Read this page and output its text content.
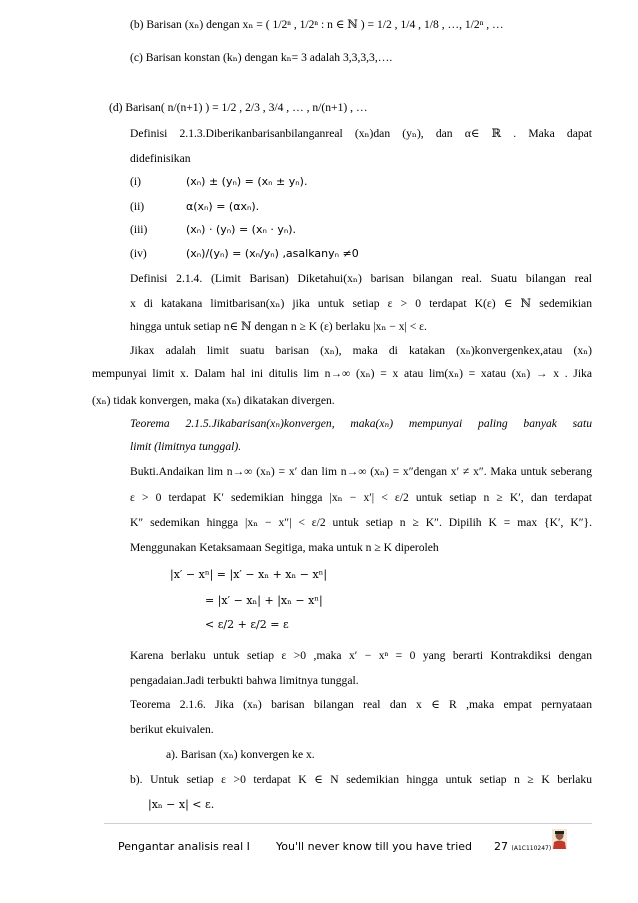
(b) Barisan (xₙ) dengan xₙ = ( 1/2ⁿ , 1/2ⁿ : n ∈ ℕ ) = 1/2 , 1/4 , 1/8 , …, 1/2ⁿ , …
(c) Barisan konstan (kₙ) dengan kₙ= 3 adalah 3,3,3,3,….
(d) Barisan( n/(n+1) ) = 1/2 , 2/3 , 3/4 , … , n/(n+1) , …
Definisi 2.1.3.Diberikanbarisanbilanganreal (xₙ)dan (yₙ), dan α∈ ℝ . Maka dapat
didefinisikan
(i)	(xₙ) ± (yₙ) = (xₙ ± yₙ).
(ii)	α(xₙ) = (αxₙ).
(iii)	(xₙ) · (yₙ) = (xₙ · yₙ).
(iv)	(xₙ)/(yₙ) = (xₙ/yₙ) ,asalkanyₙ ≠0
Definisi 2.1.4. (Limit Barisan) Diketahui(xₙ) barisan bilangan real. Suatu bilangan real
x di katakana limitbarisan(xₙ) jika untuk setiap ε > 0 terdapat K(ε) ∈ ℕ sedemikian
hingga untuk setiap n∈ ℕ dengan n ≥ K (ε) berlaku |xₙ − x| < ε.
Jikax adalah limit suatu barisan (xₙ), maka di katakan (xₙ)konvergenkex,atau (xₙ)
mempunyai limit x. Dalam hal ini ditulis lim n→∞ (xₙ) = x atau lim(xₙ) = xatau (xₙ) → x . Jika
(xₙ) tidak konvergen, maka (xₙ) dikatakan divergen.
Teorema 2.1.5.Jikabarisan(xₙ)konvergen, maka(xₙ) mempunyai paling banyak satu
limit (limitnya tunggal).
Bukti.Andaikan lim n→∞ (xₙ) = x′ dan lim n→∞ (xₙ) = x″dengan x′ ≠ x″. Maka untuk seberang
ε > 0 terdapat K′ sedemikian hingga |xₙ − x′| < ε/2 untuk setiap n ≥ K′, dan terdapat
K″ sedemikan hingga |xₙ − x″| < ε/2 untuk setiap n ≥ K″. Dipilih K = max {K′, K″}.
Menggunakan Ketaksamaan Segitiga, maka untuk n ≥ K diperoleh
|x′ − xⁿ| = |x′ − xₙ + xₙ − xⁿ|
= |x′ − xₙ| + |xₙ − xⁿ|
< ε/2 + ε/2 = ε
Karena berlaku untuk setiap ε >0 ,maka x′ − xⁿ = 0 yang berarti Kontrakdiksi dengan
pengadaian.Jadi terbukti bahwa limitnya tunggal.
Teorema 2.1.6. Jika (xₙ) barisan bilangan real dan x ∈ R ,maka empat pernyataan
berikut ekuivalen.
a). Barisan (xₙ) konvergen ke x.
b). Untuk setiap ε >0 terdapat K ∈ N sedemikian hingga untuk setiap n ≥ K berlaku
|xₙ − x| < ε.
Pengantar analisis real I You'll never know till you have tried 27 (A1C110247)
